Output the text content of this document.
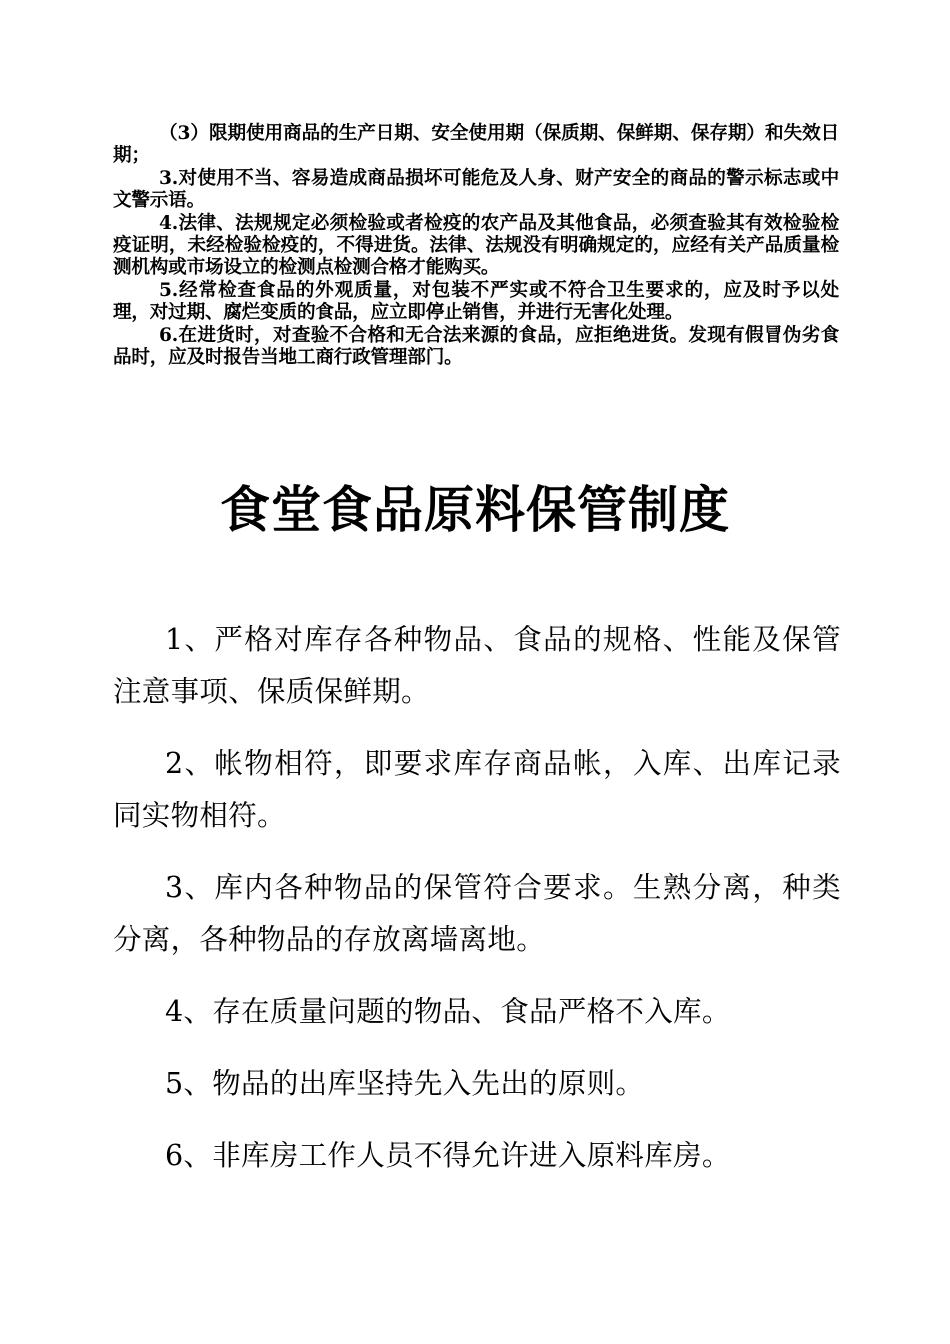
（3）限期使用商品的生产日期、安全使用期（保质期、保鲜期、保存期）和失效日期；

3.对使用不当、容易造成商品损坏可能危及人身、财产安全的商品的警示标志或中文警示语。

4.法律、法规规定必须检验或者检疫的农产品及其他食品，必须查验其有效检验检疫证明，未经检验检疫的，不得进货。法律、法规没有明确规定的，应经有关产品质量检测机构或市场设立的检测点检测合格才能购买。

5.经常检查食品的外观质量，对包装不严实或不符合卫生要求的，应及时予以处理，对过期、腐烂变质的食品，应立即停止销售，并进行无害化处理。

6.在进货时，对查验不合格和无合法来源的食品，应拒绝进货。发现有假冒伪劣食品时，应及时报告当地工商行政管理部门。

食堂食品原料保管制度

1、严格对库存各种物品、食品的规格、性能及保管注意事项、保质保鲜期。

2、帐物相符，即要求库存商品帐，入库、出库记录同实物相符。

3、库内各种物品的保管符合要求。生熟分离，种类分离，各种物品的存放离墙离地。

4、存在质量问题的物品、食品严格不入库。

5、物品的出库坚持先入先出的原则。

6、非库房工作人员不得允许进入原料库房。
